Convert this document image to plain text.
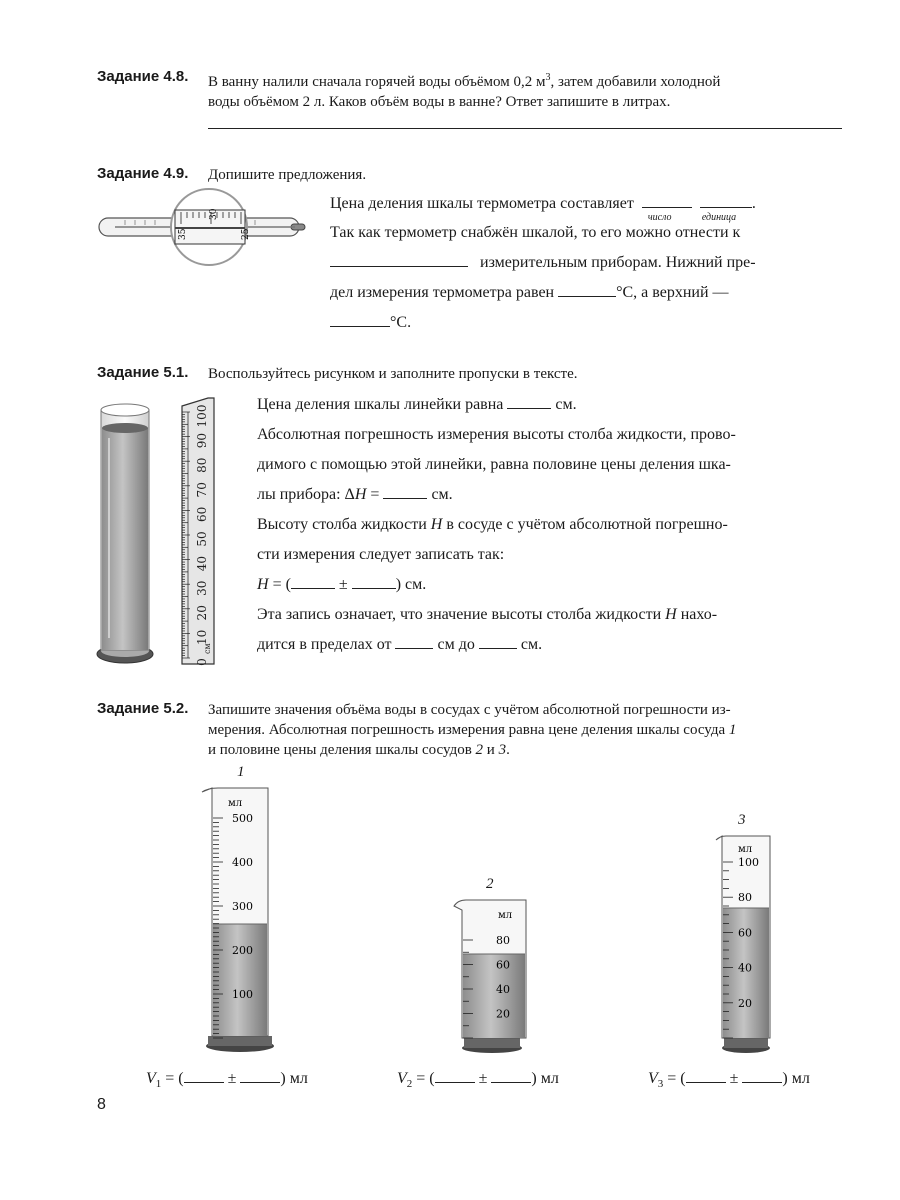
Задание 4.8. В ванну налили сначала горячей воды объёмом 0,2 $м^3$, затем добавили холодной
воды объёмом 2 л. Каков объём воды в ванне? Ответ запишите в литрах.
Задание 4.9. Допишите предложения.
35
30
25
Цена деления шкалы термометра составляет
число
	единица
.
Так как термометр снабжён шкалой, то его можно отнести к
измерительным приборам. Нижний пре-
дел измерения термометра равен	°С, а верхний —
°С.
Задание 5.1. Воспользуйтесь рисунком и заполните пропуски в тексте.
100
90
80
70
60
50
40
30
20
10
0
см
Цена деления шкалы линейки равна	см.
Абсолютная погрешность измерения высоты столба жидкости, прово-
димого с помощью этой линейки, равна половине цены деления шка-
лы прибора: ΔH =	см.
Высоту столба жидкости H в сосуде с учётом абсолютной погрешно-
сти измерения следует записать так:
H = (	±	) см.
Эта запись означает, что значение высоты столба жидкости H нахо-
дится в пределах от	см до	см.
Задание 5.2. Запишите значения объёма воды в сосудах с учётом абсолютной погрешности из-
мерения. Абсолютная погрешность измерения равна цене деления шкалы сосуда 1
и половине цены деления шкалы сосудов 2 и 3.
1
мл
500
400
300
200
100
2
мл
80
60
40
20
3
мл
100
80
60
40
20
$V_1$ = (	±	) мл	$V_2$ = (	±	) мл	$V_3$ = (	±	) мл
8
